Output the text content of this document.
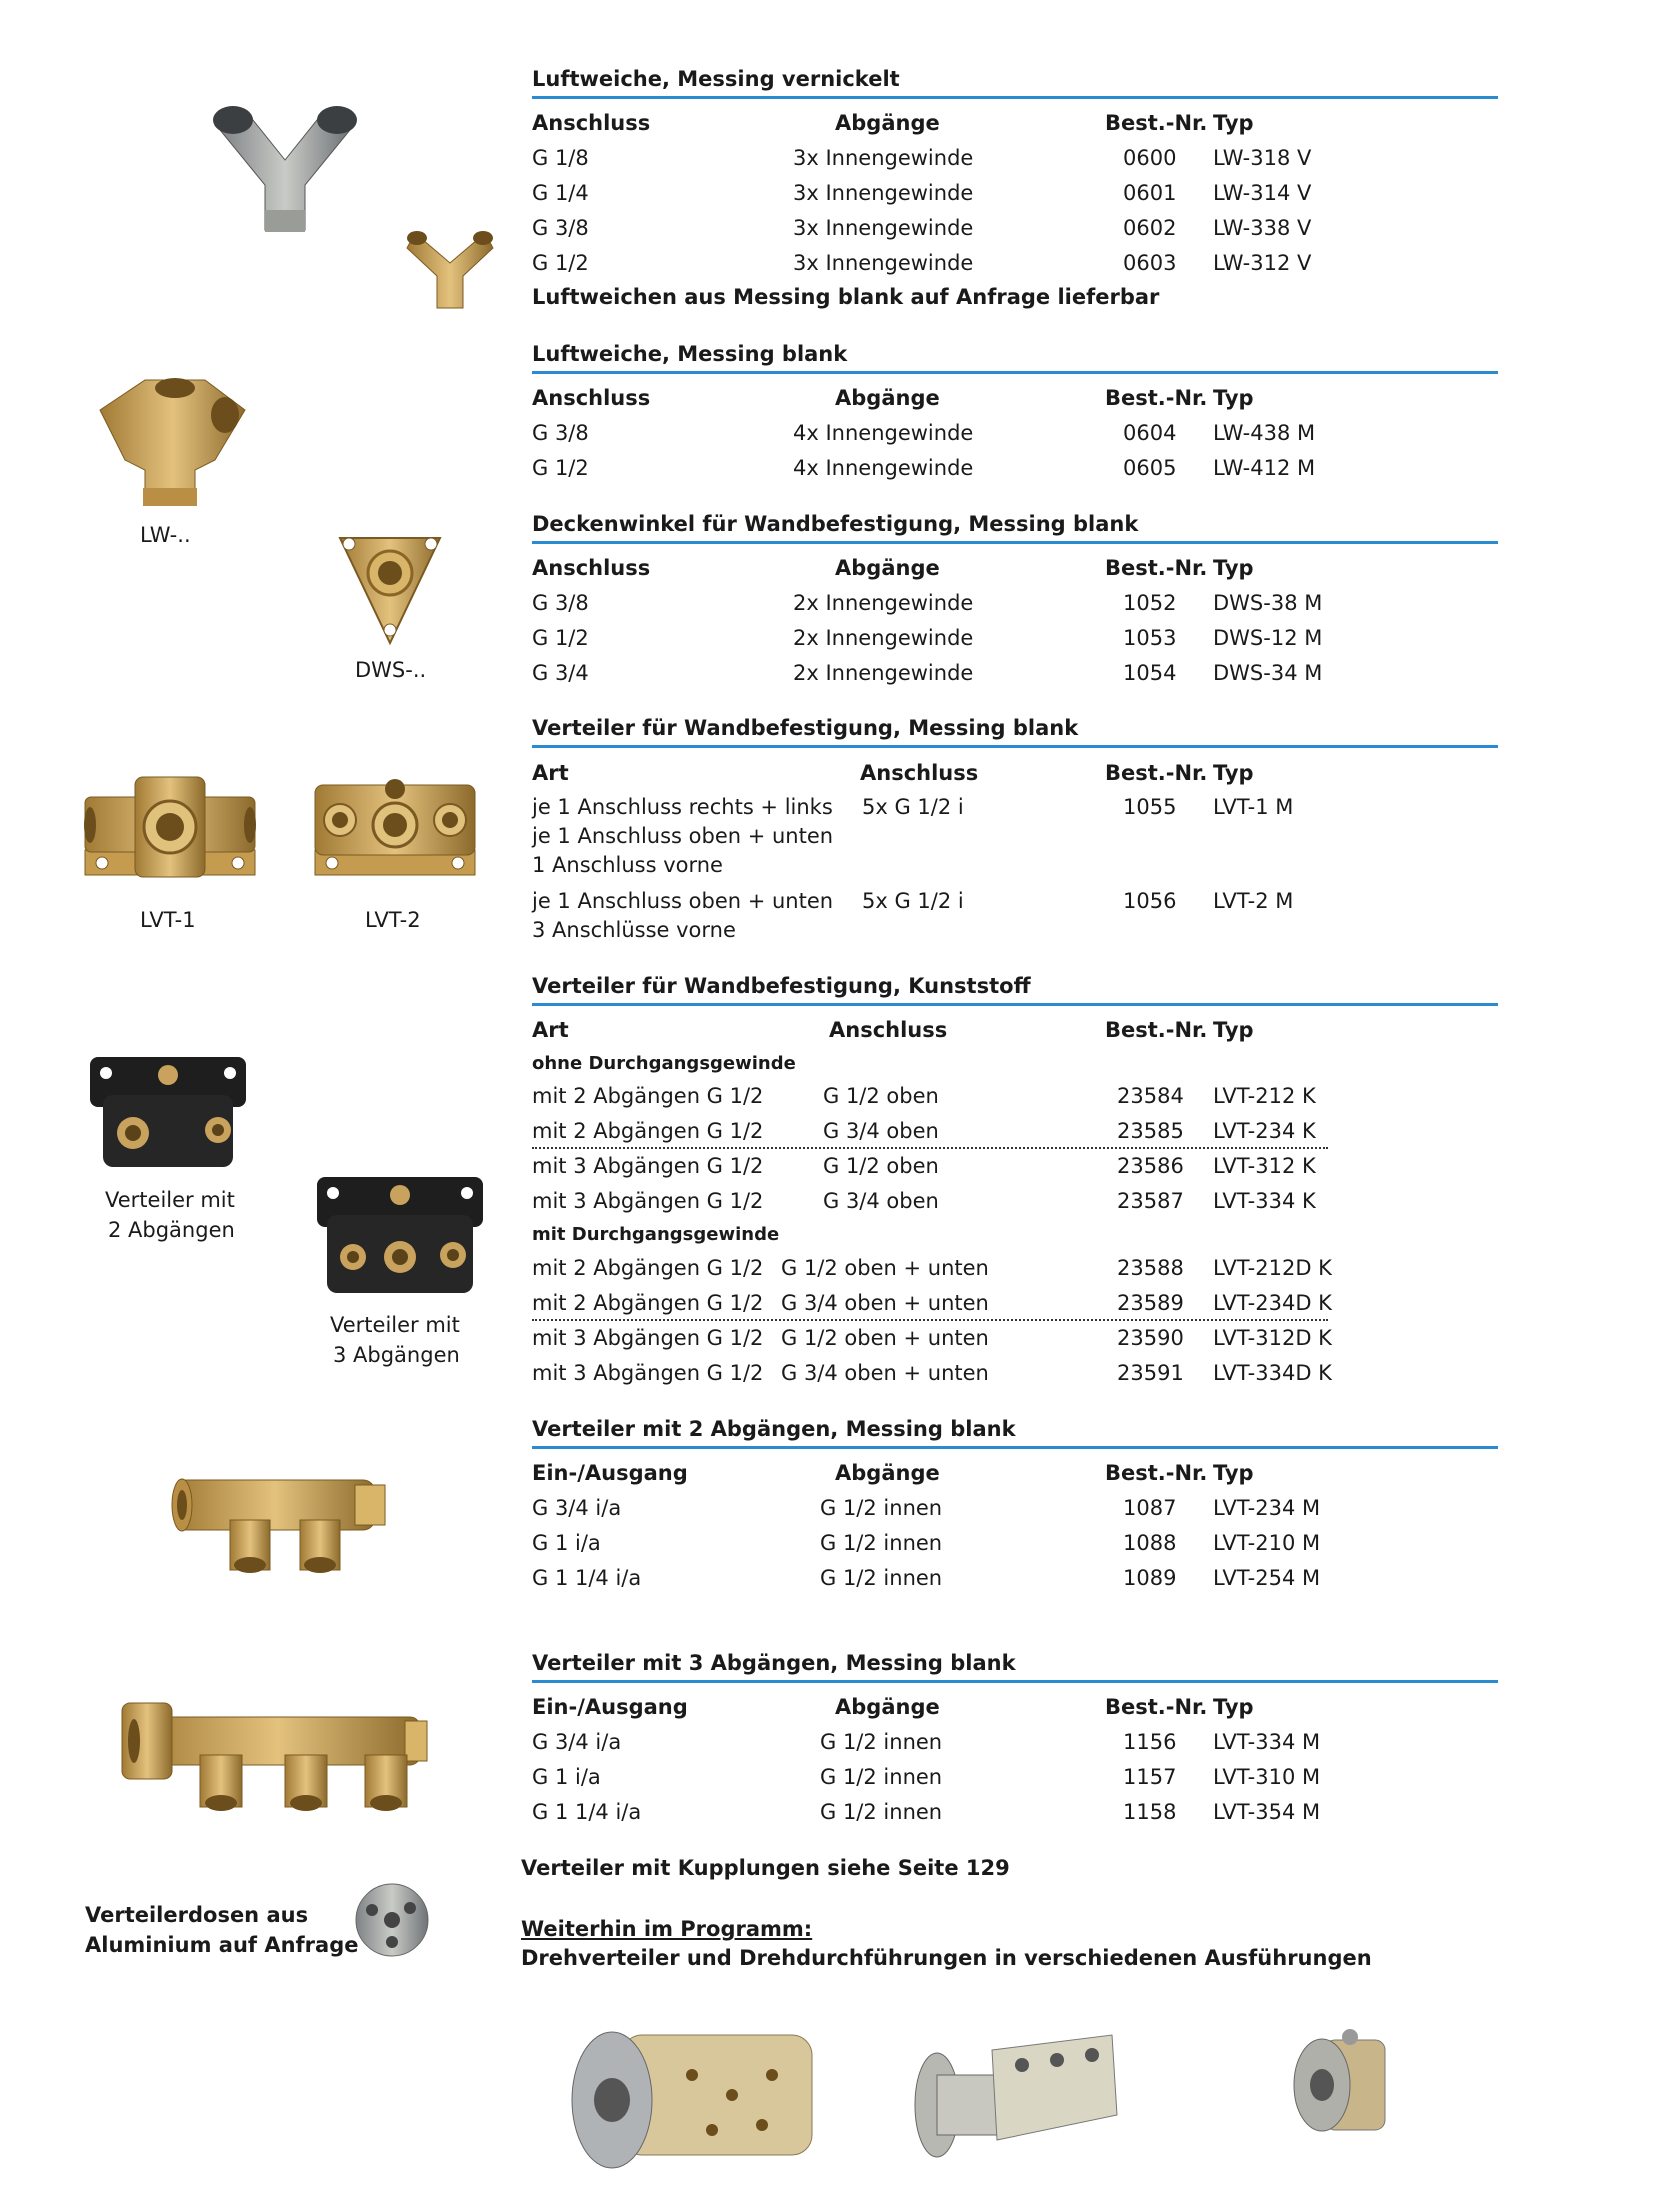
LW-..
DWS-..
LVT-1	LVT-2
Verteiler mit
2 Abgängen
Verteiler mit
3 Abgängen
Verteilerdosen aus
Aluminium auf Anfrage
Luftweiche, Messing vernickelt
Anschluss	Abgänge	Best.-Nr. Typ
G 1/8	3x Innengewinde	0600 LW-318 V
G 1/4	3x Innengewinde	0601 LW-314 V
G 3/8	3x Innengewinde	0602 LW-338 V
G 1/2	3x Innengewinde	0603 LW-312 V
Luftweichen aus Messing blank auf Anfrage lieferbar
Luftweiche, Messing blank
Anschluss	Abgänge	Best.-Nr. Typ
G 3/8	4x Innengewinde	0604 LW-438 M
G 1/2	4x Innengewinde	0605 LW-412 M
Deckenwinkel für Wandbefestigung, Messing blank
Anschluss	Abgänge	Best.-Nr. Typ
G 3/8	2x Innengewinde	1052 DWS-38 M
G 1/2	2x Innengewinde	1053 DWS-12 M
G 3/4	2x Innengewinde	1054 DWS-34 M
Verteiler für Wandbefestigung, Messing blank
Art	Anschluss	Best.-Nr. Typ
je 1 Anschluss rechts + links
je 1 Anschluss oben + unten
1 Anschluss vorne
5x G 1/2 i	1055 LVT-1 M
je 1 Anschluss oben + unten
3 Anschlüsse vorne
5x G 1/2 i	1056 LVT-2 M
Verteiler für Wandbefestigung, Kunststoff
Art	Anschluss	Best.-Nr. Typ
ohne Durchgangsgewinde
mit 2 Abgängen G 1/2	G 1/2 oben	23584 LVT-212 K
mit 2 Abgängen G 1/2	G 3/4 oben	23585 LVT-234 K
mit 3 Abgängen G 1/2	G 1/2 oben	23586 LVT-312 K
mit 3 Abgängen G 1/2	G 3/4 oben	23587 LVT-334 K
mit Durchgangsgewinde
mit 2 Abgängen G 1/2 G 1/2 oben + unten	23588 LVT-212D K
mit 2 Abgängen G 1/2 G 3/4 oben + unten	23589 LVT-234D K
mit 3 Abgängen G 1/2 G 1/2 oben + unten	23590 LVT-312D K
mit 3 Abgängen G 1/2 G 3/4 oben + unten	23591 LVT-334D K
Verteiler mit 2 Abgängen, Messing blank
Ein-/Ausgang	Abgänge	Best.-Nr. Typ
G 3/4 i/a	G 1/2 innen	1087 LVT-234 M
G 1 i/a	G 1/2 innen	1088 LVT-210 M
G 1 1/4 i/a	G 1/2 innen	1089 LVT-254 M
Verteiler mit 3 Abgängen, Messing blank
Ein-/Ausgang	Abgänge	Best.-Nr. Typ
G 3/4 i/a	G 1/2 innen	1156 LVT-334 M
G 1 i/a	G 1/2 innen	1157 LVT-310 M
G 1 1/4 i/a	G 1/2 innen	1158 LVT-354 M
Verteiler mit Kupplungen siehe Seite 129
Weiterhin im Programm:
Drehverteiler und Drehdurchführungen in verschiedenen Ausführungen
